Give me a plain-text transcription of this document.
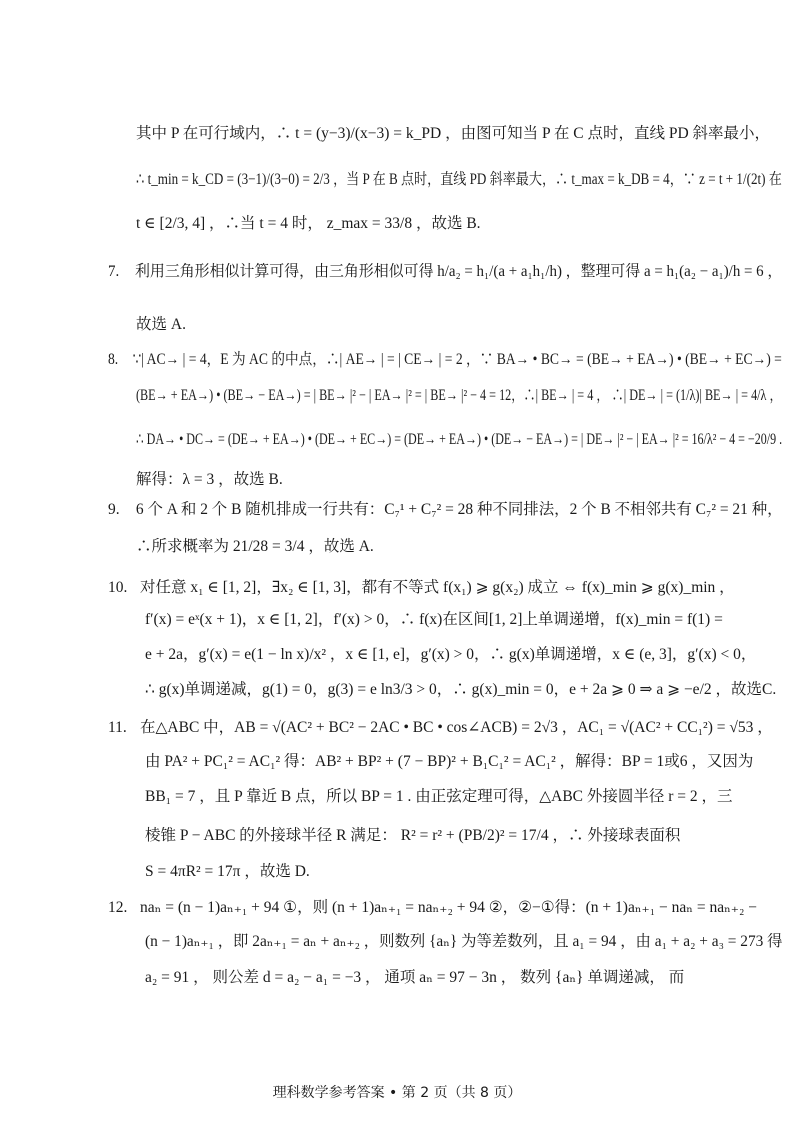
其中 P 在可行域内，∴ t = (y−3)/(x−3) = k_PD ，由图可知当 P 在 C 点时，直线 PD 斜率最小，
∴ t_min = k_CD = (3−1)/(3−0) = 2/3 ，当 P 在 B 点时，直线 PD 斜率最大，∴ t_max = k_DB = 4，∵ z = t + 1/(2t) 在
t ∈ [2/3, 4] ，∴当 t = 4 时， z_max = 33/8 ，故选 B.
7. 利用三角形相似计算可得，由三角形相似可得 h/a₂ = h₁/(a + a₁h₁/h) ，整理可得 a = h₁(a₂ − a₁)/h = 6 ，
故选 A.
8. ∵| AC→ | = 4，E 为 AC 的中点，∴| AE→ | = | CE→ | = 2 ，∵ BA→ • BC→ = (BE→ + EA→) • (BE→ + EC→) =
(BE→ + EA→) • (BE→ − EA→) = | BE→ |² − | EA→ |² = | BE→ |² − 4 = 12，∴| BE→ | = 4 ， ∴| DE→ | = (1/λ)| BE→ | = 4/λ ，
∴ DA→ • DC→ = (DE→ + EA→) • (DE→ + EC→) = (DE→ + EA→) • (DE→ − EA→) = | DE→ |² − | EA→ |² = 16/λ² − 4 = −20/9 .
解得：λ = 3 ，故选 B.
9. 6 个 A 和 2 个 B 随机排成一行共有：C₇¹ + C₇² = 28 种不同排法，2 个 B 不相邻共有 C₇² = 21 种，
∴所求概率为 21/28 = 3/4 ，故选 A.
10. 对任意 x₁ ∈ [1, 2]，∃x₂ ∈ [1, 3]，都有不等式 f(x₁) ⩾ g(x₂) 成立 ⇔ f(x)_min ⩾ g(x)_min ，
f′(x) = eˣ(x + 1)，x ∈ [1, 2]，f′(x) > 0，∴ f(x)在区间[1, 2]上单调递增，f(x)_min = f(1) =
e + 2a，g′(x) = e(1 − ln x)/x² ，x ∈ [1, e]，g′(x) > 0，∴ g(x)单调递增，x ∈ (e, 3]，g′(x) < 0，
∴ g(x)单调递减，g(1) = 0，g(3) = e ln3/3 > 0，∴ g(x)_min = 0，e + 2a ⩾ 0 ⇒ a ⩾ −e/2 ，故选C.
11. 在△ABC 中，AB = √(AC² + BC² − 2AC • BC • cos∠ACB) = 2√3 ，AC₁ = √(AC² + CC₁²) = √53 ，
由 PA² + PC₁² = AC₁² 得：AB² + BP² + (7 − BP)² + B₁C₁² = AC₁² ，解得：BP = 1或6 ，又因为
BB₁ = 7 ，且 P 靠近 B 点，所以 BP = 1 . 由正弦定理可得，△ABC 外接圆半径 r = 2 ，三
棱锥 P − ABC 的外接球半径 R 满足： R² = r² + (PB/2)² = 17/4 ，∴ 外接球表面积
S = 4πR² = 17π ，故选 D.
12. naₙ = (n − 1)aₙ₊₁ + 94 ①，则 (n + 1)aₙ₊₁ = naₙ₊₂ + 94 ②，②−①得：(n + 1)aₙ₊₁ − naₙ = naₙ₊₂ −
(n − 1)aₙ₊₁ ，即 2aₙ₊₁ = aₙ + aₙ₊₂ ，则数列 {aₙ} 为等差数列，且 a₁ = 94 ，由 a₁ + a₂ + a₃ = 273 得
a₂ = 91 ， 则公差 d = a₂ − a₁ = −3 ， 通项 aₙ = 97 − 3n ， 数列 {aₙ} 单调递减， 而
理科数学参考答案 • 第 2 页（共 8 页）
